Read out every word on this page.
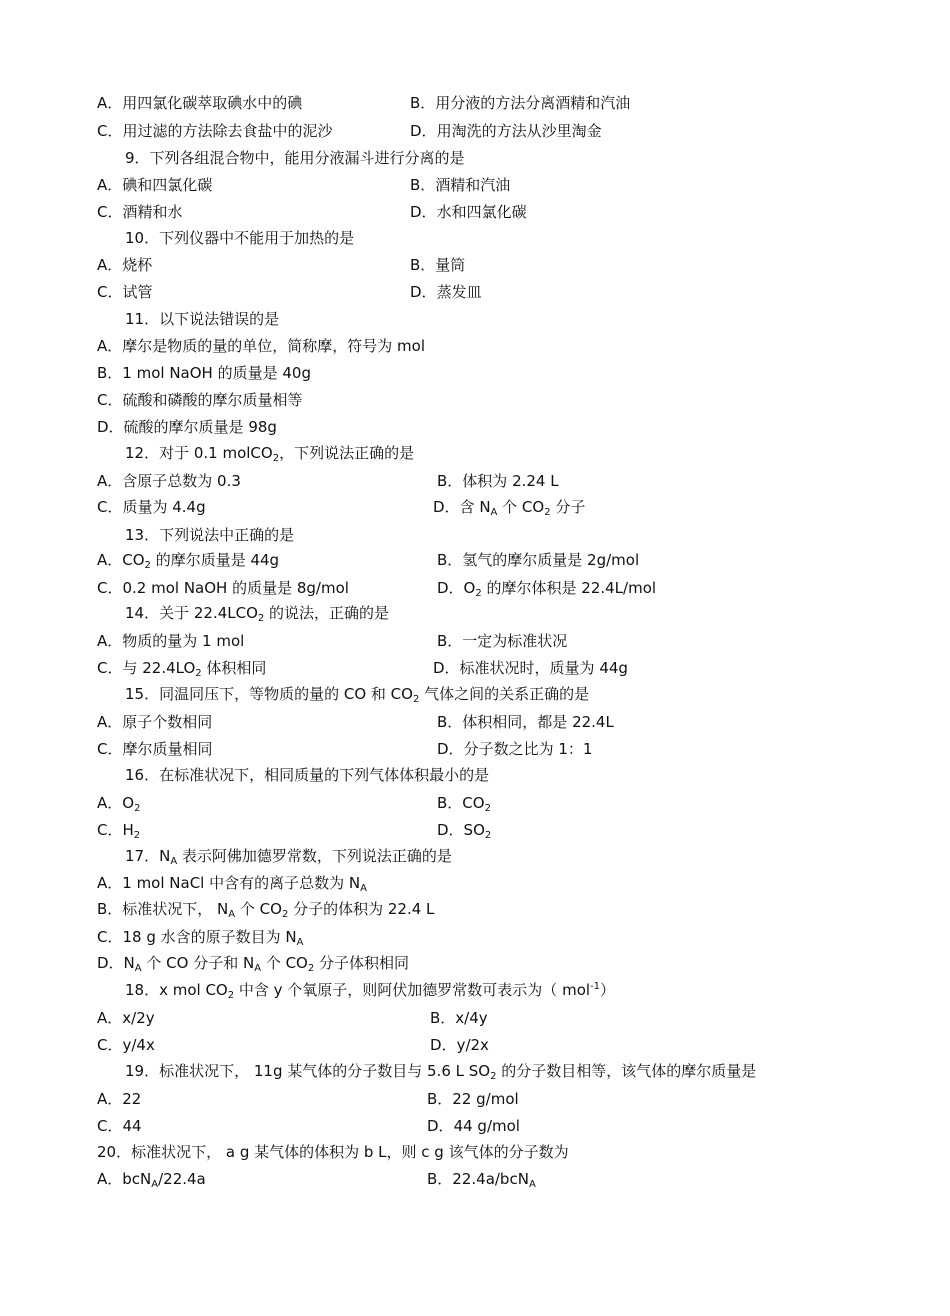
A．用四氯化碳萃取碘水中的碘	B．用分液的方法分离酒精和汽油
C．用过滤的方法除去食盐中的泥沙	D．用淘洗的方法从沙里淘金
9．下列各组混合物中，能用分液漏斗进行分离的是
A．碘和四氯化碳	B．酒精和汽油
C．酒精和水	D．水和四氯化碳
10．下列仪器中不能用于加热的是
A．烧杯	B．量筒
C．试管	D．蒸发皿
11．以下说法错误的是
A．摩尔是物质的量的单位，简称摩，符号为 mol
B．1 mol NaOH 的质量是 40g
C．硫酸和磷酸的摩尔质量相等
D．硫酸的摩尔质量是 98g
12．对于 0.1 molCO$_2$，下列说法正确的是
A．含原子总数为 0.3	B．体积为 2.24 L
C．质量为 4.4g	D．含 $N_A$ 个 $CO_2$ 分子
13．下列说法中正确的是
A．$CO_2$ 的摩尔质量是 44g	B．氢气的摩尔质量是 2g/mol
C．0.2 mol NaOH 的质量是 8g/mol	D．$O_2$ 的摩尔体积是 22.4L/mol
14．关于 $22.4LCO_2$ 的说法，正确的是
A．物质的量为 1 mol	B．一定为标准状况
C．与 $22.4LO_2$ 体积相同	D．标准状况时，质量为 44g
15．同温同压下，等物质的量的 CO 和 $CO_2$ 气体之间的关系正确的是
A．原子个数相同	B．体积相同，都是 22.4L
C．摩尔质量相同	D．分子数之比为 1：1
16．在标准状况下，相同质量的下列气体体积最小的是
A．$O_2$	B．$CO_2$
C．$H_2$	D．$SO_2$
17．$N_A$ 表示阿佛加德罗常数，下列说法正确的是
A．1 mol NaCl 中含有的离子总数为 $N_A$
B．标准状况下， $N_A$ 个 $CO_2$ 分子的体积为 22.4 L
C．18 g 水含的原子数目为 $N_A$
D．$N_A$ 个 CO 分子和 $N_A$ 个 $CO_2$ 分子体积相同
18．x mol $CO_2$ 中含 y 个氧原子，则阿伏加德罗常数可表示为（ mol$^{-1}$）
A．x/2y	B．x/4y
C．y/4x	D．y/2x
19．标准状况下， 11g 某气体的分子数目与 5.6 L $SO_2$ 的分子数目相等，该气体的摩尔质量是
A．22	B．22 g/mol
C．44	D．44 g/mol
20．标准状况下， a g 某气体的体积为 b L，则 c g 该气体的分子数为
A．bcN$_A$/22.4a	B．22.4a/bcN$_A$
